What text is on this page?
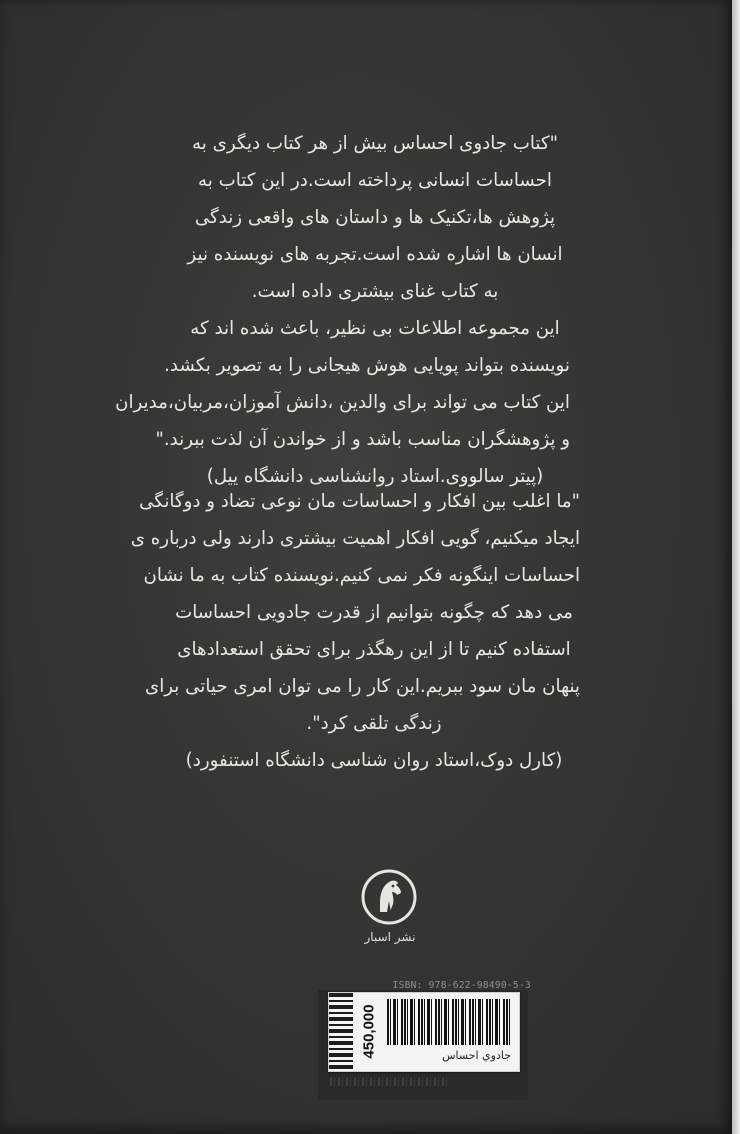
"کتاب جادوی احساس بیش از هر کتاب دیگری به
احساسات انسانی پرداخته است.در این کتاب به
پژوهش ها،تکنیک ها و داستان های واقعی زندگی
انسان ها اشاره شده است.تجربه های نویسنده نیز
به کتاب غنای بیشتری داده است.
این مجموعه اطلاعات بی نظیر، باعث شده اند که
نویسنده بتواند پویایی هوش هیجانی را به تصویر بکشد.
این کتاب می تواند برای والدین ،دانش آموزان،مربیان،مدیران
و پژوهشگران مناسب باشد و از خواندن آن لذت ببرند."
(پیتر سالووی.استاد روانشناسی دانشگاه ییل)
"ما اغلب بین افکار و احساسات مان نوعی تضاد و دوگانگی
ایجاد میکنیم، گویی افکار اهمیت بیشتری دارند ولی درباره ی
احساسات اینگونه فکر نمی کنیم.نویسنده کتاب به ما نشان
می دهد که چگونه بتوانیم از قدرت جادویی احساسات
استفاده کنیم تا از این رهگذر برای تحقق استعدادهای
پنهان مان سود ببریم.این کار را می توان امری حیاتی برای
زندگی تلقی کرد".
(کارل دوک،استاد روان شناسی دانشگاه استنفورد)
نشر اسبار
ISBN: 978-622-98490-5-3
450,000	جادوي احساس
